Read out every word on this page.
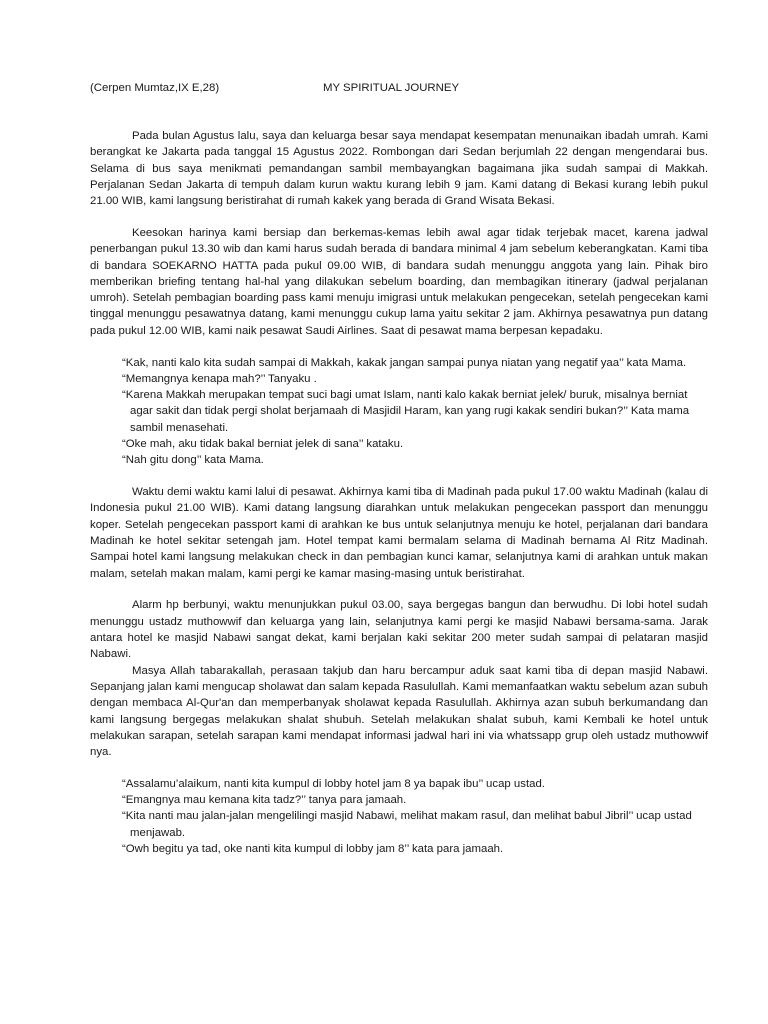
(Cerpen Mumtaz,IX E,28)	MY SPIRITUAL JOURNEY

Pada bulan Agustus lalu, saya dan keluarga besar saya mendapat kesempatan menunaikan ibadah umrah. Kami berangkat ke Jakarta pada tanggal 15 Agustus 2022. Rombongan dari Sedan berjumlah 22 dengan mengendarai bus. Selama di bus saya menikmati pemandangan sambil membayangkan bagaimana jika sudah sampai di Makkah. Perjalanan Sedan Jakarta di tempuh dalam kurun waktu kurang lebih 9 jam. Kami datang di Bekasi kurang lebih pukul 21.00 WIB, kami langsung beristirahat di rumah kakek yang berada di Grand Wisata Bekasi.

Keesokan harinya kami bersiap dan berkemas-kemas lebih awal agar tidak terjebak macet, karena jadwal penerbangan pukul 13.30 wib dan kami harus sudah berada di bandara minimal 4 jam sebelum keberangkatan. Kami tiba di bandara SOEKARNO HATTA pada pukul 09.00 WIB, di bandara sudah menunggu anggota yang lain. Pihak biro memberikan briefing tentang hal-hal yang dilakukan sebelum boarding, dan membagikan itinerary (jadwal perjalanan umroh). Setelah pembagian boarding pass kami menuju imigrasi untuk melakukan pengecekan, setelah pengecekan kami tinggal menunggu pesawatnya datang, kami menunggu cukup lama yaitu sekitar 2 jam. Akhirnya pesawatnya pun datang pada pukul 12.00 WIB, kami naik pesawat Saudi Airlines. Saat di pesawat mama berpesan kepadaku.

“Kak, nanti kalo kita sudah sampai di Makkah, kakak jangan sampai punya niatan yang negatif yaa’’ kata Mama.

“Memangnya kenapa mah?’’ Tanyaku .

“Karena Makkah merupakan tempat suci bagi umat Islam, nanti kalo kakak berniat jelek/ buruk, misalnya berniat agar sakit dan tidak pergi sholat berjamaah di Masjidil Haram, kan yang rugi kakak sendiri bukan?’’ Kata mama sambil menasehati.

“Oke mah, aku tidak bakal berniat jelek di sana’’ kataku.

“Nah gitu dong’’ kata Mama.

Waktu demi waktu kami lalui di pesawat. Akhirnya kami tiba di Madinah pada pukul 17.00 waktu Madinah (kalau di Indonesia pukul 21.00 WIB). Kami datang langsung diarahkan untuk melakukan pengecekan passport dan menunggu koper. Setelah pengecekan passport kami di arahkan ke bus untuk selanjutnya menuju ke hotel, perjalanan dari bandara Madinah ke hotel sekitar setengah jam. Hotel tempat kami bermalam selama di Madinah bernama Al Ritz Madinah. Sampai hotel kami langsung melakukan check in dan pembagian kunci kamar, selanjutnya kami di arahkan untuk makan malam, setelah makan malam, kami pergi ke kamar masing-masing untuk beristirahat.

Alarm hp berbunyi, waktu menunjukkan pukul 03.00, saya bergegas bangun dan berwudhu. Di lobi hotel sudah menunggu ustadz muthowwif dan keluarga yang lain, selanjutnya kami pergi ke masjid Nabawi bersama-sama. Jarak antara hotel ke masjid Nabawi sangat dekat, kami berjalan kaki sekitar 200 meter sudah sampai di pelataran masjid Nabawi.

Masya Allah tabarakallah, perasaan takjub dan haru bercampur aduk saat kami tiba di depan masjid Nabawi. Sepanjang jalan kami mengucap sholawat dan salam kepada Rasulullah. Kami memanfaatkan waktu sebelum azan subuh dengan membaca Al-Qur'an dan memperbanyak sholawat kepada Rasulullah. Akhirnya azan subuh berkumandang dan kami langsung bergegas melakukan shalat shubuh. Setelah melakukan shalat subuh, kami Kembali ke hotel untuk melakukan sarapan, setelah sarapan kami mendapat informasi jadwal hari ini via whatssapp grup oleh ustadz muthowwif nya.

“Assalamu’alaikum, nanti kita kumpul di lobby hotel jam 8 ya bapak ibu’’ ucap ustad.

“Emangnya mau kemana kita tadz?’’ tanya para jamaah.

“Kita nanti mau jalan-jalan mengelilingi masjid Nabawi, melihat makam rasul, dan melihat babul Jibril’’ ucap ustad menjawab.

“Owh begitu ya tad, oke nanti kita kumpul di lobby jam 8’’ kata para jamaah.
